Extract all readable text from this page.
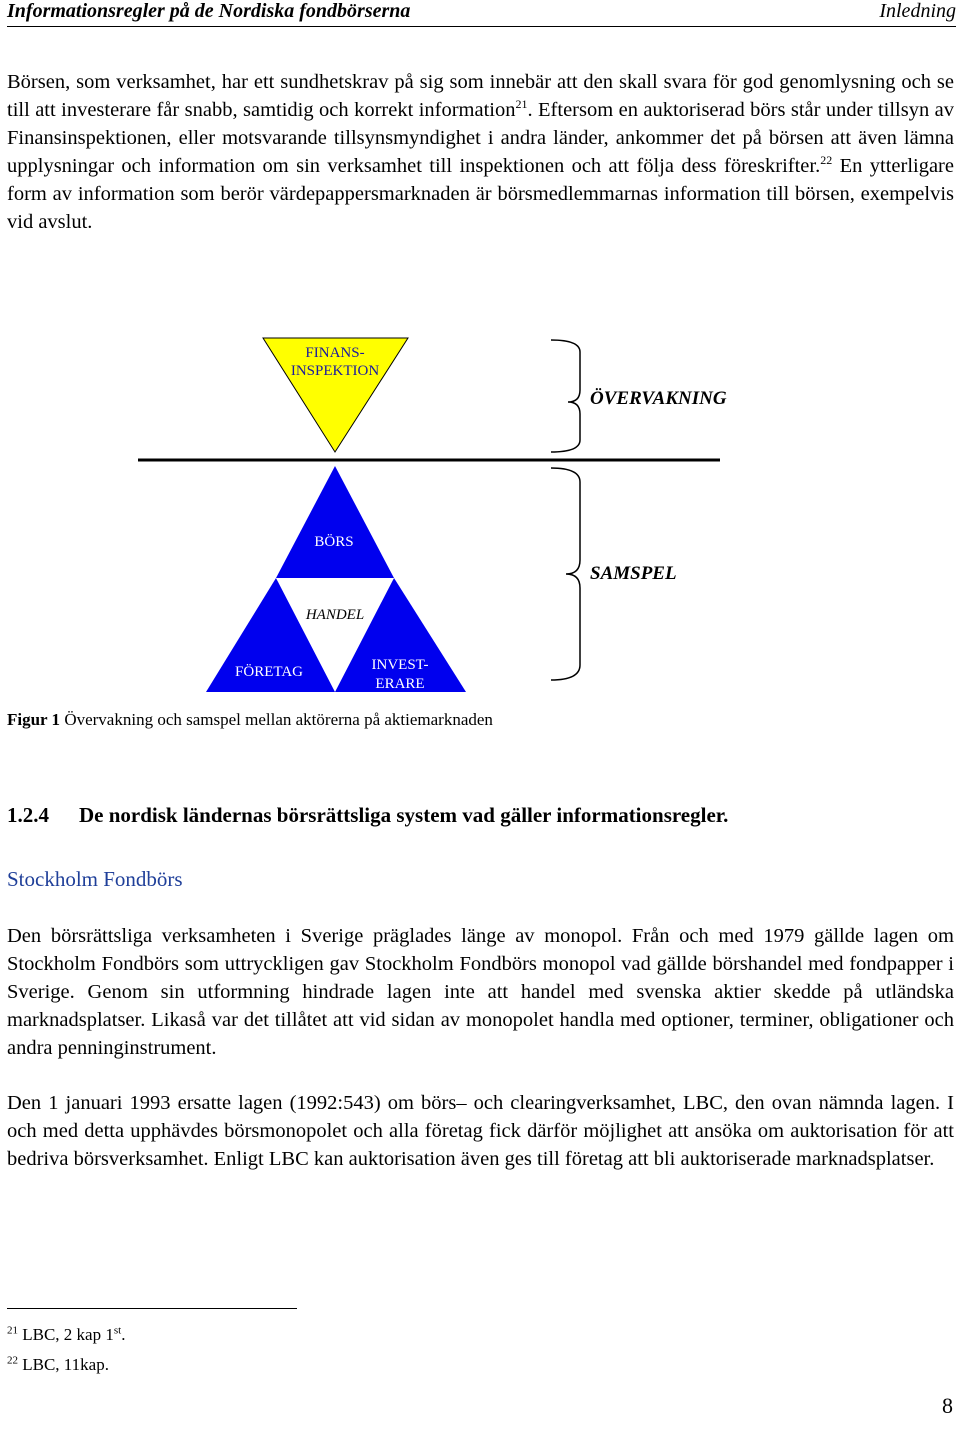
Informationsregler på de Nordiska fondbörserna	Inledning
Börsen, som verksamhet, har ett sundhetskrav på sig som innebär att den skall svara för god genomlysning och se till att investerare får snabb, samtidig och korrekt information$^{21}$. Eftersom en auktoriserad börs står under tillsyn av Finansinspektionen, eller motsvarande tillsynsmyndighet i andra länder, ankommer det på börsen att även lämna upplysningar och information om sin verksamhet till inspektionen och att följa dess föreskrifter.$^{22}$ En ytterligare form av information som berör värdepappersmarknaden är börsmedlemmarnas information till börsen, exempelvis vid avslut.
FINANS-
INSPEKTION
BÖRS
HANDEL
FÖRETAG	INVEST-
ERARE
ÖVERVAKNING
SAMSPEL
Figur 1 Övervakning och samspel mellan aktörerna på aktiemarknaden
1.2.4 De nordisk ländernas börsrättsliga system vad gäller informationsregler.
Stockholm Fondbörs
Den börsrättsliga verksamheten i Sverige präglades länge av monopol. Från och med 1979 gällde lagen om Stockholm Fondbörs som uttryckligen gav Stockholm Fondbörs monopol vad gällde börshandel med fondpapper i Sverige. Genom sin utformning hindrade lagen inte att handel med svenska aktier skedde på utländska marknadsplatser. Likaså var det tillåtet att vid sidan av monopolet handla med optioner, terminer, obligationer och andra penninginstrument.
Den 1 januari 1993 ersatte lagen (1992:543) om börs– och clearingverksamhet, LBC, den ovan nämnda lagen. I och med detta upphävdes börsmonopolet och alla företag fick därför möjlighet att ansöka om auktorisation för att bedriva börsverksamhet. Enligt LBC kan auktorisation även ges till företag att bli auktoriserade marknadsplatser.
$^{21}$ LBC, 2 kap 1st.
$^{22}$ LBC, 11kap.
8
